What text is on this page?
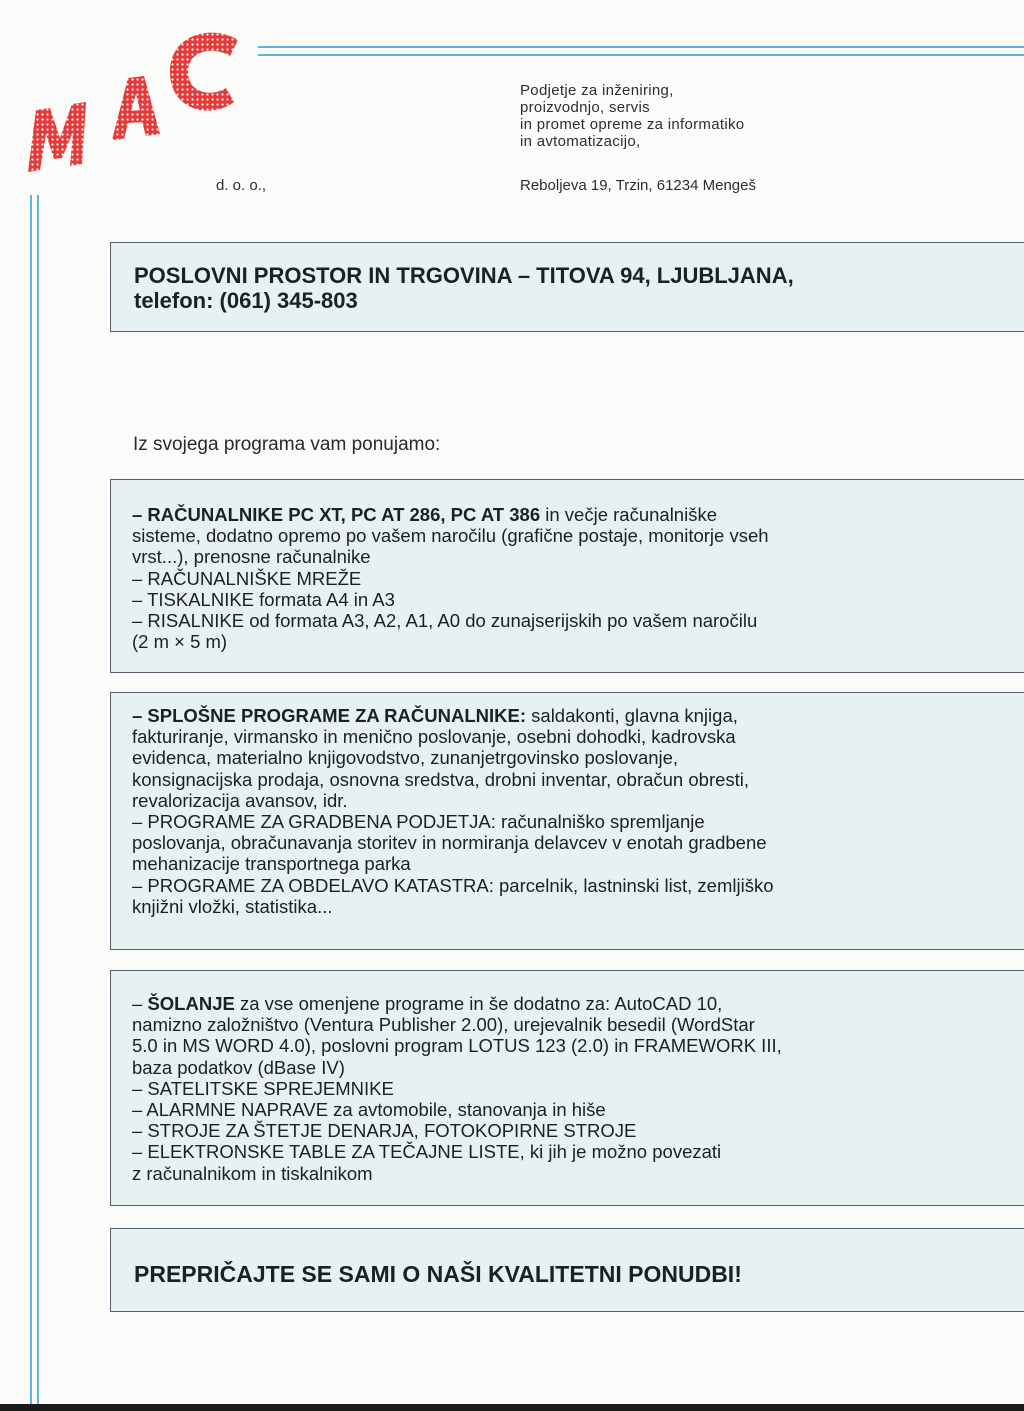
Podjetje za inženiring,
proizvodnjo, servis
in promet opreme za informatiko
in avtomatizacijo,
d. o. o.,	Reboljeva 19, Trzin, 61234 Mengeš
POSLOVNI PROSTOR IN TRGOVINA – TITOVA 94, LJUBLJANA,
telefon: (061) 345-803
Iz svojega programa vam ponujamo:
– RAČUNALNIKE PC XT, PC AT 286, PC AT 386 in večje računalniške
sisteme, dodatno opremo po vašem naročilu (grafične postaje, monitorje vseh
vrst...), prenosne računalnike
– RAČUNALNIŠKE MREŽE
– TISKALNIKE formata A4 in A3
– RISALNIKE od formata A3, A2, A1, A0 do zunajserijskih po vašem naročilu
(2 m × 5 m)
– SPLOŠNE PROGRAME ZA RAČUNALNIKE: saldakonti, glavna knjiga,
fakturiranje, virmansko in menično poslovanje, osebni dohodki, kadrovska
evidenca, materialno knjigovodstvo, zunanjetrgovinsko poslovanje,
konsignacijska prodaja, osnovna sredstva, drobni inventar, obračun obresti,
revalorizacija avansov, idr.
– PROGRAME ZA GRADBENA PODJETJA: računalniško spremljanje
poslovanja, obračunavanja storitev in normiranja delavcev v enotah gradbene
mehanizacije transportnega parka
– PROGRAME ZA OBDELAVO KATASTRA: parcelnik, lastninski list, zemljiško
knjižni vložki, statistika...
– ŠOLANJE za vse omenjene programe in še dodatno za: AutoCAD 10,
namizno založništvo (Ventura Publisher 2.00), urejevalnik besedil (WordStar
5.0 in MS WORD 4.0), poslovni program LOTUS 123 (2.0) in FRAMEWORK III,
baza podatkov (dBase IV)
– SATELITSKE SPREJEMNIKE
– ALARMNE NAPRAVE za avtomobile, stanovanja in hiše
– STROJE ZA ŠTETJE DENARJA, FOTOKOPIRNE STROJE
– ELEKTRONSKE TABLE ZA TEČAJNE LISTE, ki jih je možno povezati
z računalnikom in tiskalnikom
PREPRIČAJTE SE SAMI O NAŠI KVALITETNI PONUDBI!
